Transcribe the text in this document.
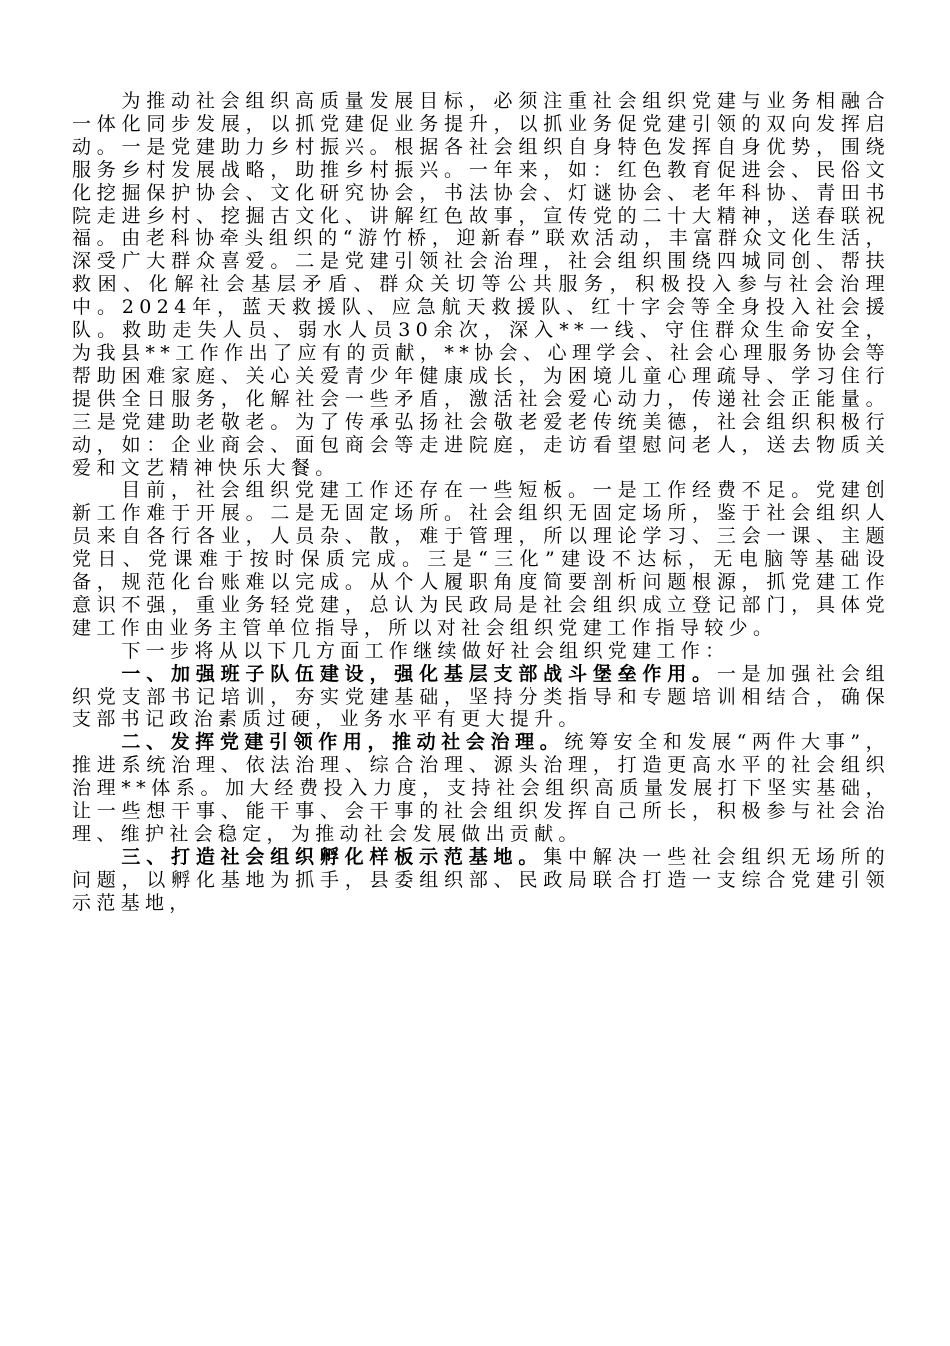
为推动社会组织高质量发展目标，必须注重社会组织党建与业务相融合一体化同步发展，以抓党建促业务提升，以抓业务促党建引领的双向发挥启动。一是党建助力乡村振兴。根据各社会组织自身特色发挥自身优势，围绕服务乡村发展战略，助推乡村振兴。一年来，如：红色教育促进会、民俗文化挖掘保护协会、文化研究协会，书法协会、灯谜协会、老年科协、青田书院走进乡村、挖掘古文化、讲解红色故事，宣传党的二十大精神，送春联祝福。由老科协牵头组织的“游竹桥，迎新春”联欢活动，丰富群众文化生活，深受广大群众喜爱。二是党建引领社会治理，社会组织围绕四城同创、帮扶救困、化解社会基层矛盾、群众关切等公共服务，积极投入参与社会治理中。2024年，蓝天救援队、应急航天救援队、红十字会等全身投入社会援队。救助走失人员、弱水人员30余次，深入**一线、守住群众生命安全，为我县**工作作出了应有的贡献，**协会、心理学会、社会心理服务协会等帮助困难家庭、关心关爱青少年健康成长，为困境儿童心理疏导、学习住行提供全日服务，化解社会一些矛盾，激活社会爱心动力，传递社会正能量。三是党建助老敬老。为了传承弘扬社会敬老爱老传统美德，社会组织积极行动，如：企业商会、面包商会等走进院庭，走访看望慰问老人，送去物质关爱和文艺精神快乐大餐。

目前，社会组织党建工作还存在一些短板。一是工作经费不足。党建创新工作难于开展。二是无固定场所。社会组织无固定场所，鉴于社会组织人员来自各行各业，人员杂、散，难于管理，所以理论学习、三会一课、主题党日、党课难于按时保质完成。三是“三化”建设不达标，无电脑等基础设备，规范化台账难以完成。从个人履职角度简要剖析问题根源，抓党建工作意识不强，重业务轻党建，总认为民政局是社会组织成立登记部门，具体党建工作由业务主管单位指导，所以对社会组织党建工作指导较少。

下一步将从以下几方面工作继续做好社会组织党建工作：

一、加强班子队伍建设，强化基层支部战斗堡垒作用。一是加强社会组织党支部书记培训，夯实党建基础，坚持分类指导和专题培训相结合，确保支部书记政治素质过硬，业务水平有更大提升。

二、发挥党建引领作用，推动社会治理。统筹安全和发展“两件大事”，推进系统治理、依法治理、综合治理、源头治理，打造更高水平的社会组织治理**体系。加大经费投入力度，支持社会组织高质量发展打下坚实基础，让一些想干事、能干事、会干事的社会组织发挥自己所长，积极参与社会治理、维护社会稳定，为推动社会发展做出贡献。

三、打造社会组织孵化样板示范基地。集中解决一些社会组织无场所的问题，以孵化基地为抓手，县委组织部、民政局联合打造一支综合党建引领示范基地，
